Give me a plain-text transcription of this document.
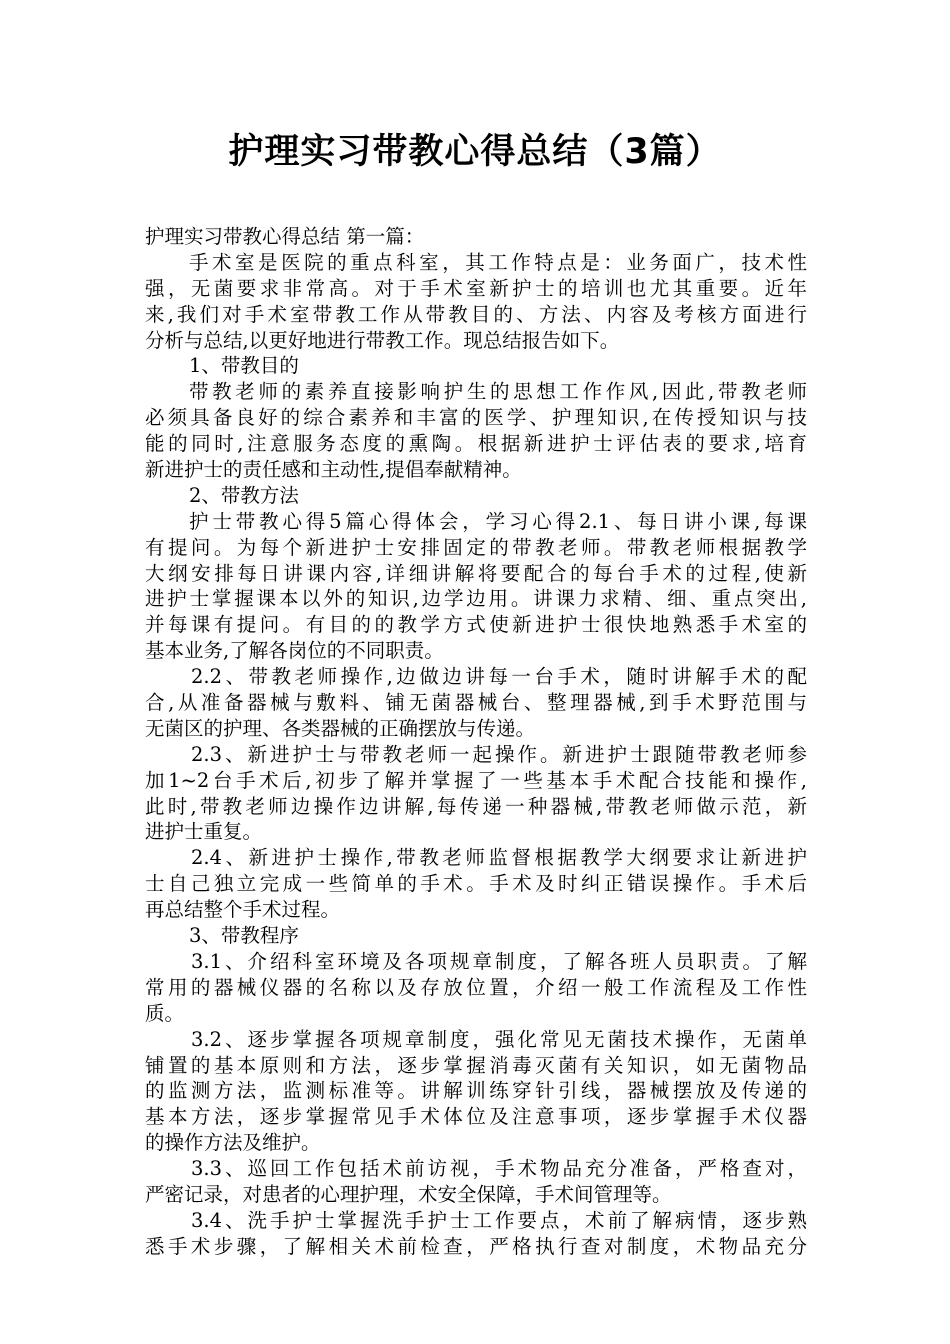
护理实习带教心得总结（3篇）

护理实习带教心得总结 第一篇：

手术室是医院的重点科室，其工作特点是：业务面广，技术性

强，无菌要求非常高。对于手术室新护士的培训也尤其重要。近年

来,我们对手术室带教工作从带教目的、方法、内容及考核方面进行

分析与总结,以更好地进行带教工作。现总结报告如下。

1、带教目的

带教老师的素养直接影响护生的思想工作作风,因此,带教老师

必须具备良好的综合素养和丰富的医学、护理知识,在传授知识与技

能的同时,注意服务态度的熏陶。根据新进护士评估表的要求,培育

新进护士的责任感和主动性,提倡奉献精神。

2、带教方法

护士带教心得5篇心得体会，学习心得2.1、每日讲小课,每课

有提问。为每个新进护士安排固定的带教老师。带教老师根据教学

大纲安排每日讲课内容,详细讲解将要配合的每台手术的过程,使新

进护士掌握课本以外的知识,边学边用。讲课力求精、细、重点突出,

并每课有提问。有目的的教学方式使新进护士很快地熟悉手术室的

基本业务,了解各岗位的不同职责。

2.2、带教老师操作,边做边讲每一台手术，随时讲解手术的配

合,从准备器械与敷料、铺无菌器械台、整理器械,到手术野范围与

无菌区的护理、各类器械的正确摆放与传递。

2.3、新进护士与带教老师一起操作。新进护士跟随带教老师参

加1~2台手术后,初步了解并掌握了一些基本手术配合技能和操作,

此时,带教老师边操作边讲解,每传递一种器械,带教老师做示范，新

进护士重复。

2.4、新进护士操作,带教老师监督根据教学大纲要求让新进护

士自己独立完成一些简单的手术。手术及时纠正错误操作。手术后

再总结整个手术过程。

3、带教程序

3.1、介绍科室环境及各项规章制度，了解各班人员职责。了解

常用的器械仪器的名称以及存放位置，介绍一般工作流程及工作性

质。

3.2、逐步掌握各项规章制度，强化常见无菌技术操作，无菌单

铺置的基本原则和方法，逐步掌握消毒灭菌有关知识，如无菌物品

的监测方法，监测标准等。讲解训练穿针引线，器械摆放及传递的

基本方法，逐步掌握常见手术体位及注意事项，逐步掌握手术仪器

的操作方法及维护。

3.3、巡回工作包括术前访视，手术物品充分准备，严格查对，

严密记录，对患者的心理护理，术安全保障，手术间管理等。

3.4、洗手护士掌握洗手护士工作要点，术前了解病情，逐步熟

悉手术步骤，了解相关术前检查，严格执行查对制度，术物品充分
